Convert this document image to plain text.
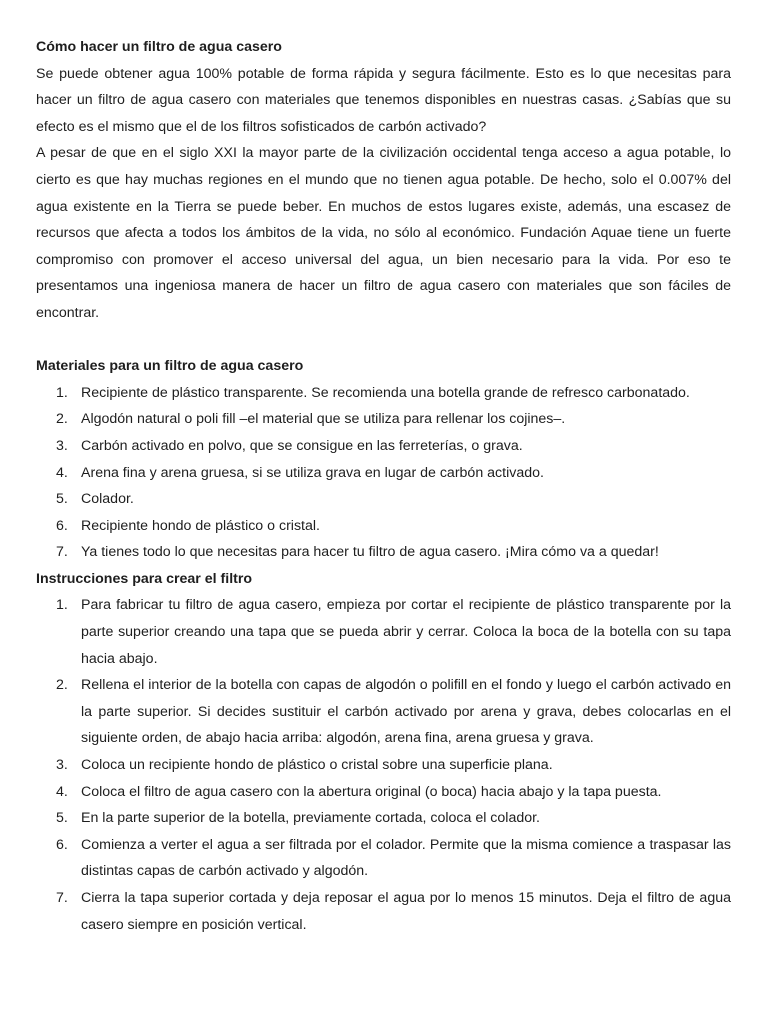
Cómo hacer un filtro de agua casero

Se puede obtener agua 100% potable de forma rápida y segura fácilmente. Esto es lo que necesitas para hacer un filtro de agua casero con materiales que tenemos disponibles en nuestras casas. ¿Sabías que su efecto es el mismo que el de los filtros sofisticados de carbón activado?

A pesar de que en el siglo XXI la mayor parte de la civilización occidental tenga acceso a agua potable, lo cierto es que hay muchas regiones en el mundo que no tienen agua potable. De hecho, solo el 0.007% del agua existente en la Tierra se puede beber. En muchos de estos lugares existe, además, una escasez de recursos que afecta a todos los ámbitos de la vida, no sólo al económico. Fundación Aquae tiene un fuerte compromiso con promover el acceso universal del agua, un bien necesario para la vida. Por eso te presentamos una ingeniosa manera de hacer un filtro de agua casero con materiales que son fáciles de encontrar.

Materiales para un filtro de agua casero

1. Recipiente de plástico transparente. Se recomienda una botella grande de refresco carbonatado.
2. Algodón natural o poli fill –el material que se utiliza para rellenar los cojines–.
3. Carbón activado en polvo, que se consigue en las ferreterías, o grava.
4. Arena fina y arena gruesa, si se utiliza grava en lugar de carbón activado.
5. Colador.
6. Recipiente hondo de plástico o cristal.
7. Ya tienes todo lo que necesitas para hacer tu filtro de agua casero. ¡Mira cómo va a quedar!

Instrucciones para crear el filtro

1. Para fabricar tu filtro de agua casero, empieza por cortar el recipiente de plástico transparente por la parte superior creando una tapa que se pueda abrir y cerrar. Coloca la boca de la botella con su tapa hacia abajo.
2. Rellena el interior de la botella con capas de algodón o polifill en el fondo y luego el carbón activado en la parte superior. Si decides sustituir el carbón activado por arena y grava, debes colocarlas en el siguiente orden, de abajo hacia arriba: algodón, arena fina, arena gruesa y grava.
3. Coloca un recipiente hondo de plástico o cristal sobre una superficie plana.
4. Coloca el filtro de agua casero con la abertura original (o boca) hacia abajo y la tapa puesta.
5. En la parte superior de la botella, previamente cortada, coloca el colador.
6. Comienza a verter el agua a ser filtrada por el colador. Permite que la misma comience a traspasar las distintas capas de carbón activado y algodón.
7. Cierra la tapa superior cortada y deja reposar el agua por lo menos 15 minutos. Deja el filtro de agua casero siempre en posición vertical.
